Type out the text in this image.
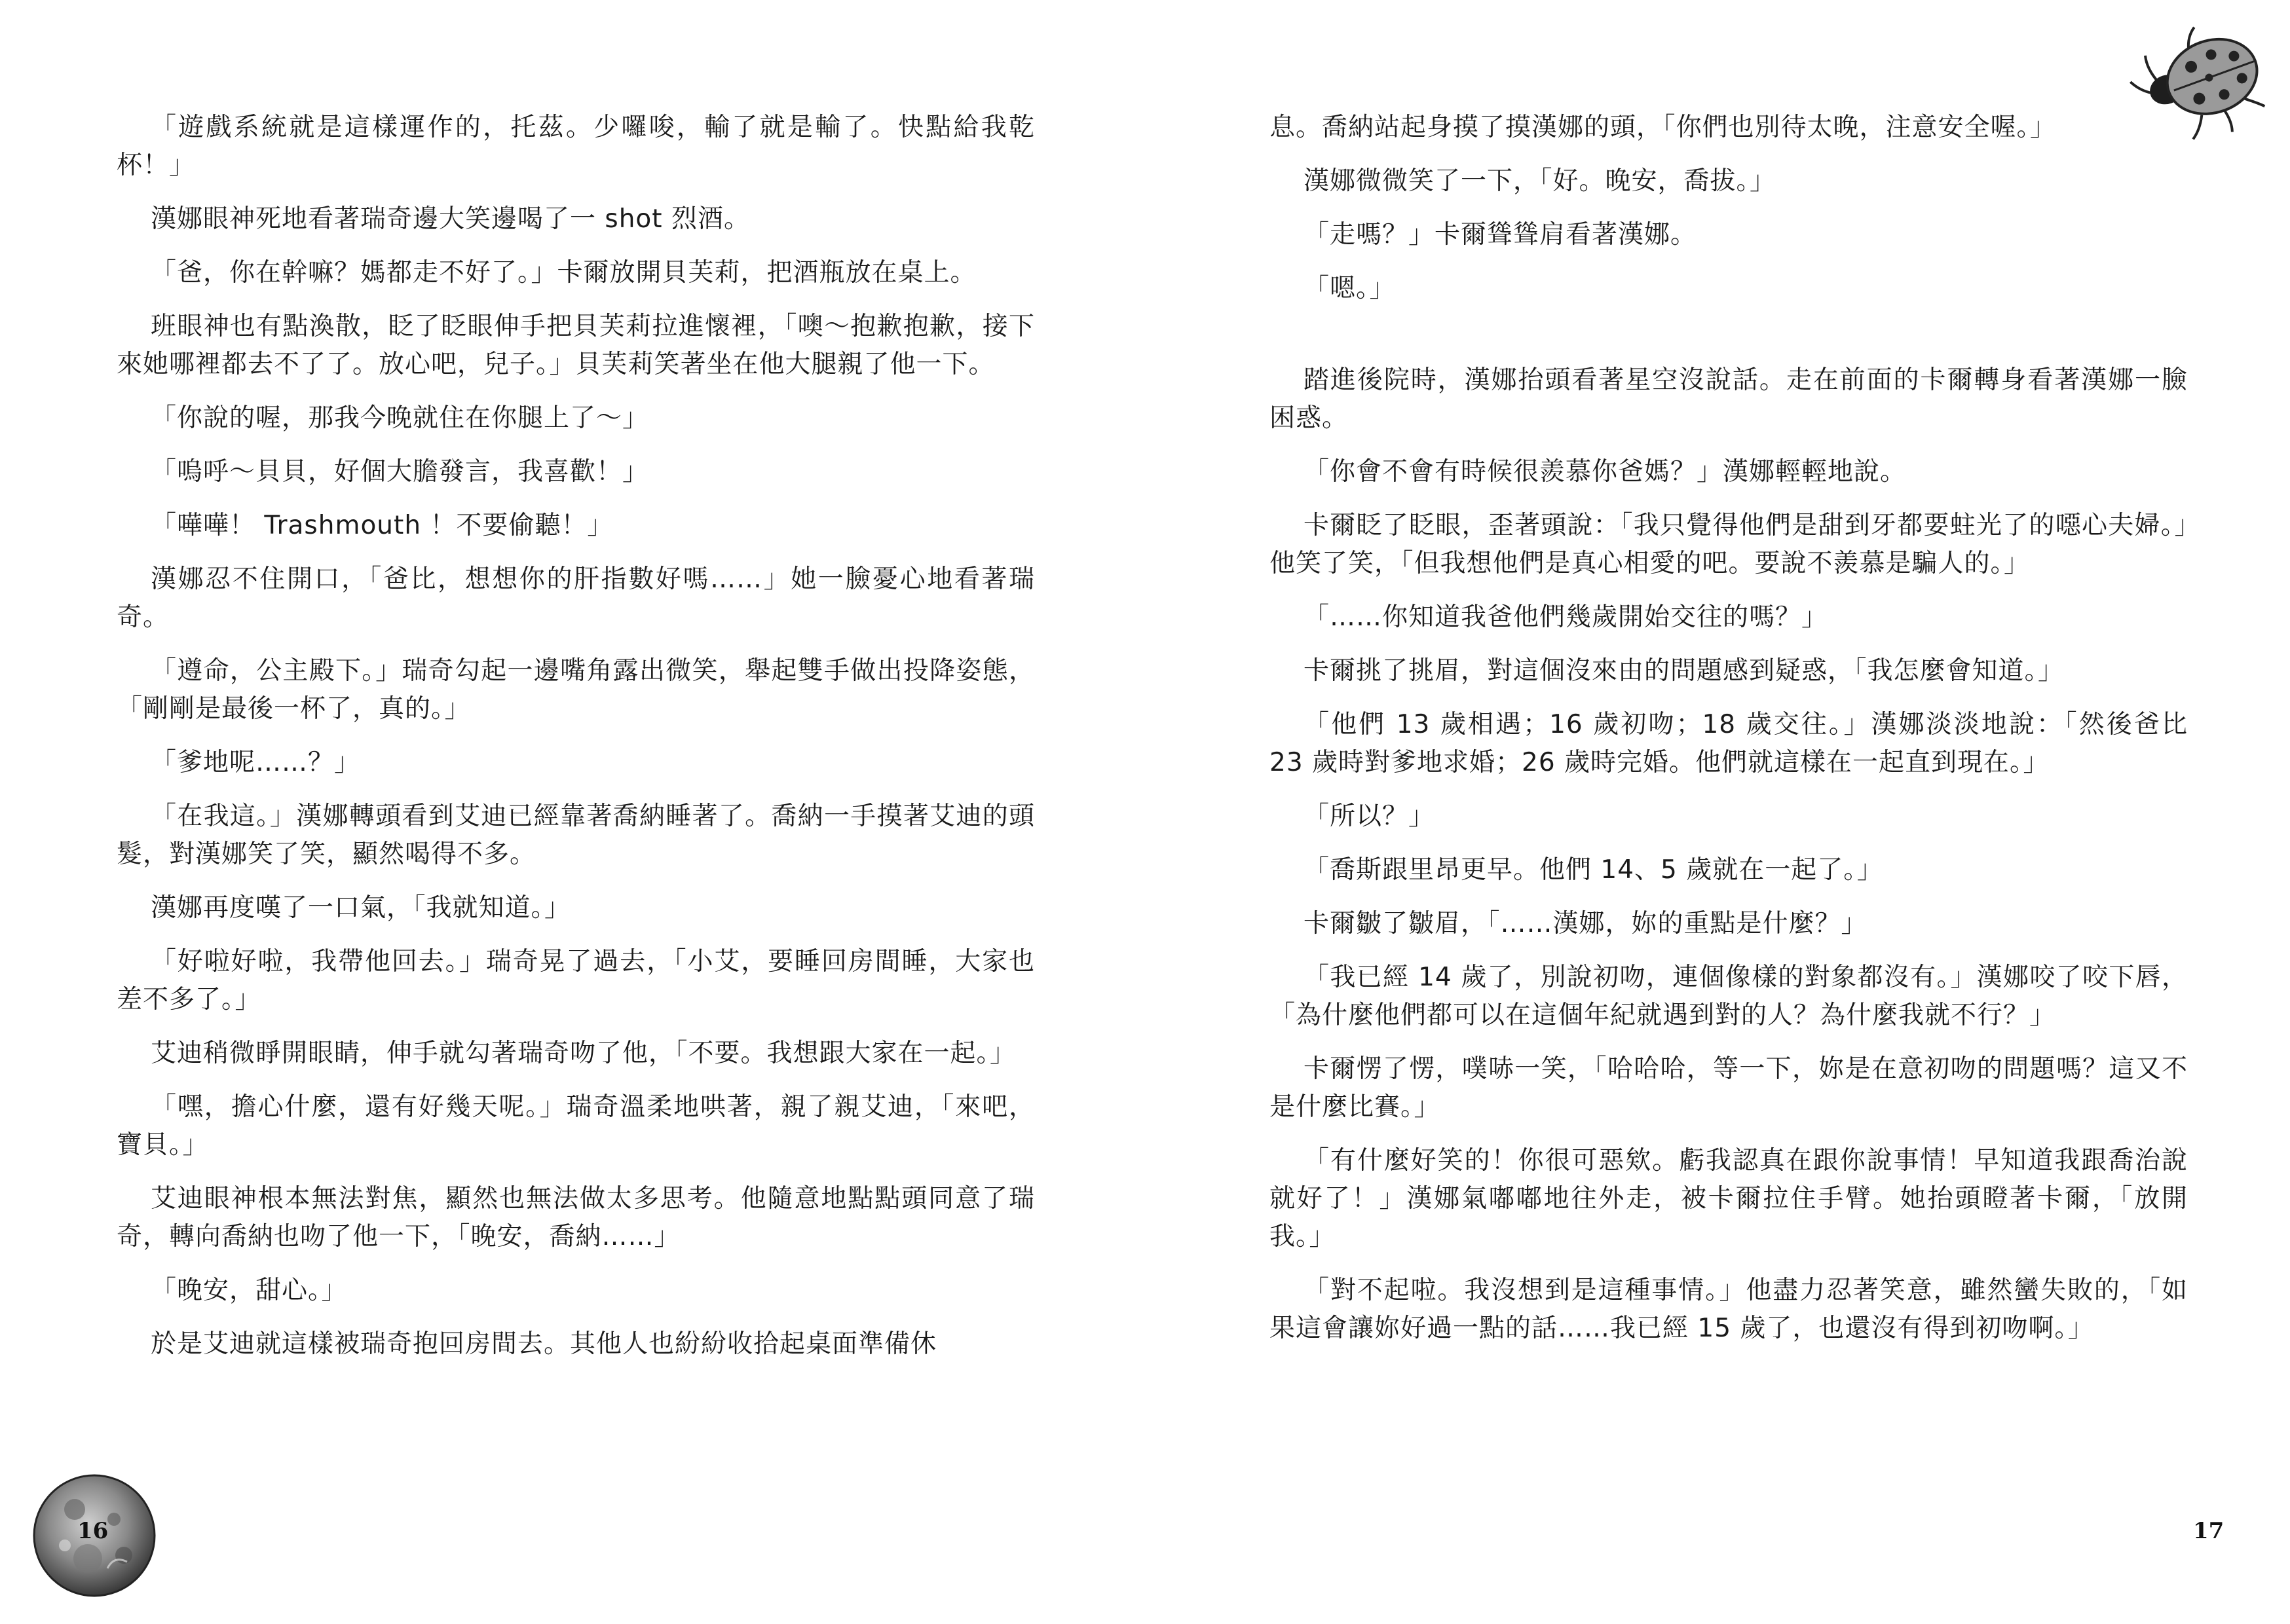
「遊戲系統就是這樣運作的，托茲。少囉唆，輸了就是輸了。快點給我乾杯！」

漢娜眼神死地看著瑞奇邊大笑邊喝了一 shot 烈酒。

「爸，你在幹嘛？媽都走不好了。」卡爾放開貝芙莉，把酒瓶放在桌上。

班眼神也有點渙散，眨了眨眼伸手把貝芙莉拉進懷裡，「噢～抱歉抱歉，接下來她哪裡都去不了了。放心吧，兒子。」貝芙莉笑著坐在他大腿親了他一下。

「你說的喔，那我今晚就住在你腿上了～」

「嗚呼～貝貝，好個大膽發言，我喜歡！」

「嘩嘩！ Trashmouth ！不要偷聽！」

漢娜忍不住開口，「爸比，想想你的肝指數好嗎……」她一臉憂心地看著瑞奇。

「遵命，公主殿下。」瑞奇勾起一邊嘴角露出微笑，舉起雙手做出投降姿態，「剛剛是最後一杯了，真的。」

「爹地呢……？」

「在我這。」漢娜轉頭看到艾迪已經靠著喬納睡著了。喬納一手摸著艾迪的頭髮，對漢娜笑了笑，顯然喝得不多。

漢娜再度嘆了一口氣，「我就知道。」

「好啦好啦，我帶他回去。」瑞奇晃了過去，「小艾，要睡回房間睡，大家也差不多了。」

艾迪稍微睜開眼睛，伸手就勾著瑞奇吻了他，「不要。我想跟大家在一起。」

「嘿，擔心什麼，還有好幾天呢。」瑞奇溫柔地哄著，親了親艾迪，「來吧，寶貝。」

艾迪眼神根本無法對焦，顯然也無法做太多思考。他隨意地點點頭同意了瑞奇，轉向喬納也吻了他一下，「晚安，喬納……」

「晚安，甜心。」

於是艾迪就這樣被瑞奇抱回房間去。其他人也紛紛收拾起桌面準備休

16

息。喬納站起身摸了摸漢娜的頭，「你們也別待太晚，注意安全喔。」

漢娜微微笑了一下，「好。晚安，喬拔。」

「走嗎？」卡爾聳聳肩看著漢娜。

「嗯。」

踏進後院時，漢娜抬頭看著星空沒說話。走在前面的卡爾轉身看著漢娜一臉困惑。

「你會不會有時候很羨慕你爸媽？」漢娜輕輕地說。

卡爾眨了眨眼，歪著頭說：「我只覺得他們是甜到牙都要蛀光了的噁心夫婦。」他笑了笑，「但我想他們是真心相愛的吧。要說不羨慕是騙人的。」

「……你知道我爸他們幾歲開始交往的嗎？」

卡爾挑了挑眉，對這個沒來由的問題感到疑惑，「我怎麼會知道。」

「他們 13 歲相遇；16 歲初吻；18 歲交往。」漢娜淡淡地說：「然後爸比 23 歲時對爹地求婚；26 歲時完婚。他們就這樣在一起直到現在。」

「所以？」

「喬斯跟里昂更早。他們 14、5 歲就在一起了。」

卡爾皺了皺眉，「……漢娜，妳的重點是什麼？」

「我已經 14 歲了，別說初吻，連個像樣的對象都沒有。」漢娜咬了咬下唇，「為什麼他們都可以在這個年紀就遇到對的人？為什麼我就不行？」

卡爾愣了愣，噗哧一笑，「哈哈哈，等一下，妳是在意初吻的問題嗎？這又不是什麼比賽。」

「有什麼好笑的！你很可惡欸。虧我認真在跟你說事情！早知道我跟喬治說就好了！」漢娜氣嘟嘟地往外走，被卡爾拉住手臂。她抬頭瞪著卡爾，「放開我。」

「對不起啦。我沒想到是這種事情。」他盡力忍著笑意，雖然蠻失敗的，「如果這會讓妳好過一點的話……我已經 15 歲了，也還沒有得到初吻啊。」

17
